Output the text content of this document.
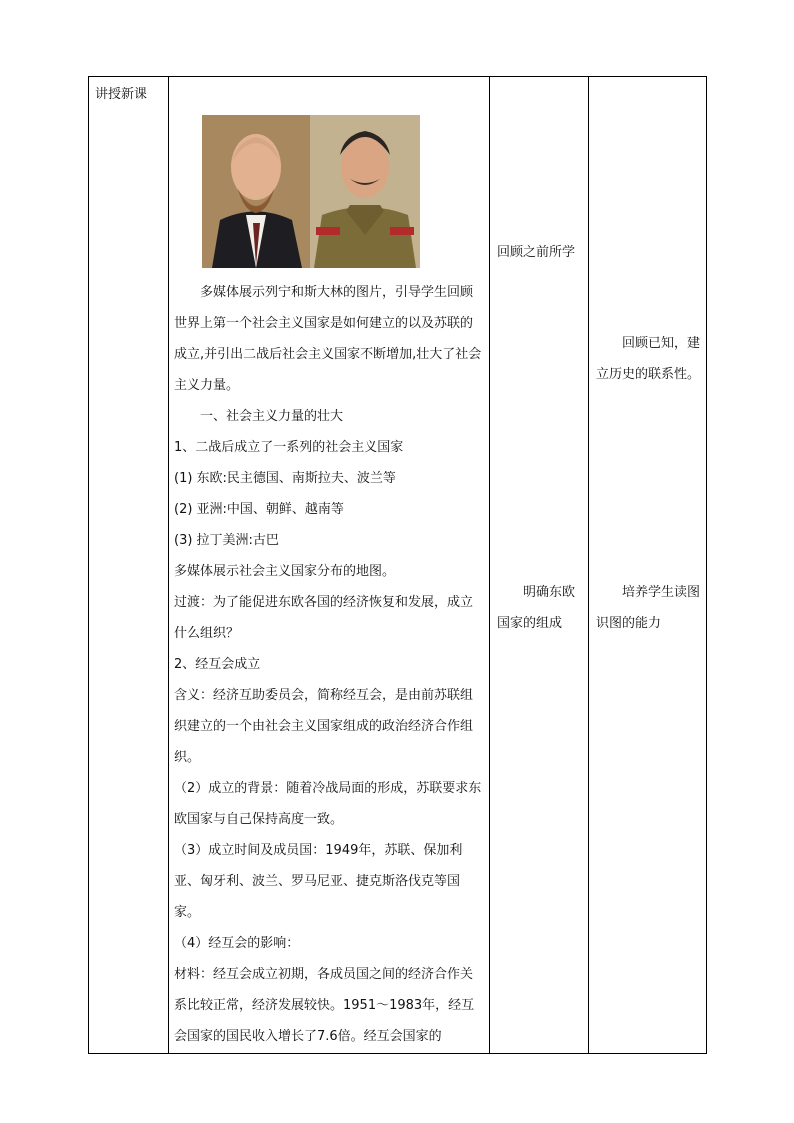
讲授新课

多媒体展示列宁和斯大林的图片，引导学生回顾世界上第一个社会主义国家是如何建立的以及苏联的成立,并引出二战后社会主义国家不断增加,壮大了社会主义力量。

一、社会主义力量的壮大

1、二战后成立了一系列的社会主义国家

(1) 东欧:民主德国、南斯拉夫、波兰等

(2) 亚洲:中国、朝鲜、越南等

(3) 拉丁美洲:古巴

多媒体展示社会主义国家分布的地图。

过渡：为了能促进东欧各国的经济恢复和发展，成立什么组织？

2、经互会成立

含义：经济互助委员会，简称经互会，是由前苏联组织建立的一个由社会主义国家组成的政治经济合作组织。

（2）成立的背景：随着冷战局面的形成，苏联要求东欧国家与自己保持高度一致。

（3）成立时间及成员国：1949年，苏联、保加利亚、匈牙利、波兰、罗马尼亚、捷克斯洛伐克等国家。

（4）经互会的影响：

材料：经互会成立初期，各成员国之间的经济合作关系比较正常，经济发展较快。1951～1983年，经互会国家的国民收入增长了7.6倍。经互会国家的

回顾之前所学
明确东欧国家的组成
回顾已知，建立历史的联系性。
培养学生读图识图的能力
